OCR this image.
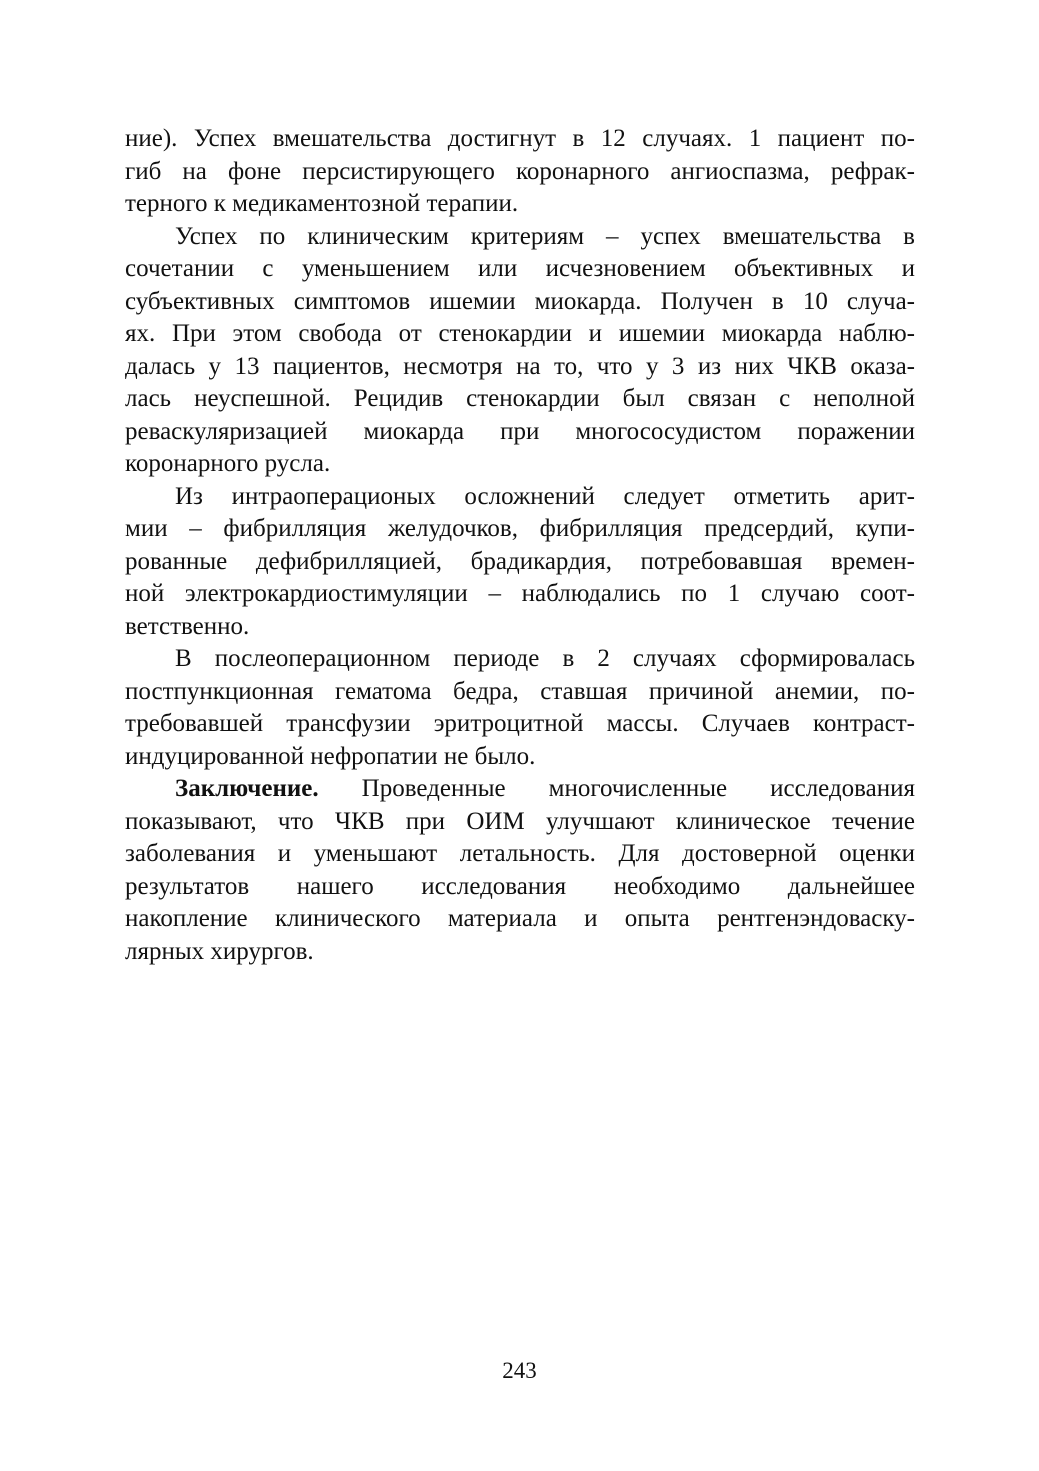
ние). Успех вмешательства достигнут в 12 случаях. 1 пациент по-
гиб на фоне персистирующего коронарного ангиоспазма, рефрак-
терного к медикаментозной терапии.

Успех по клиническим критериям – успех вмешательства в
сочетании с уменьшением или исчезновением объективных и
субъективных симптомов ишемии миокарда. Получен в 10 случа-
ях. При этом свобода от стенокардии и ишемии миокарда наблю-
далась у 13 пациентов, несмотря на то, что у 3 из них ЧКВ оказа-
лась неуспешной. Рецидив стенокардии был связан с неполной
реваскуляризацией миокарда при многососудистом поражении
коронарного русла.

Из интраоперационых осложнений следует отметить арит-
мии – фибрилляция желудочков, фибрилляция предсердий, купи-
рованные дефибрилляцией, брадикардия, потребовавшая времен-
ной электрокардиостимуляции – наблюдались по 1 случаю соот-
ветственно.

В послеоперационном периоде в 2 случаях сформировалась
постпункционная гематома бедра, ставшая причиной анемии, по-
требовавшей трансфузии эритроцитной массы. Случаев контраст-
индуцированной нефропатии не было.

Заключение. Проведенные многочисленные исследования
показывают, что ЧКВ при ОИМ улучшают клиническое течение
заболевания и уменьшают летальность. Для достоверной оценки
результатов нашего исследования необходимо дальнейшее
накопление клинического материала и опыта рентгенэндоваску-
лярных хирургов.

243
